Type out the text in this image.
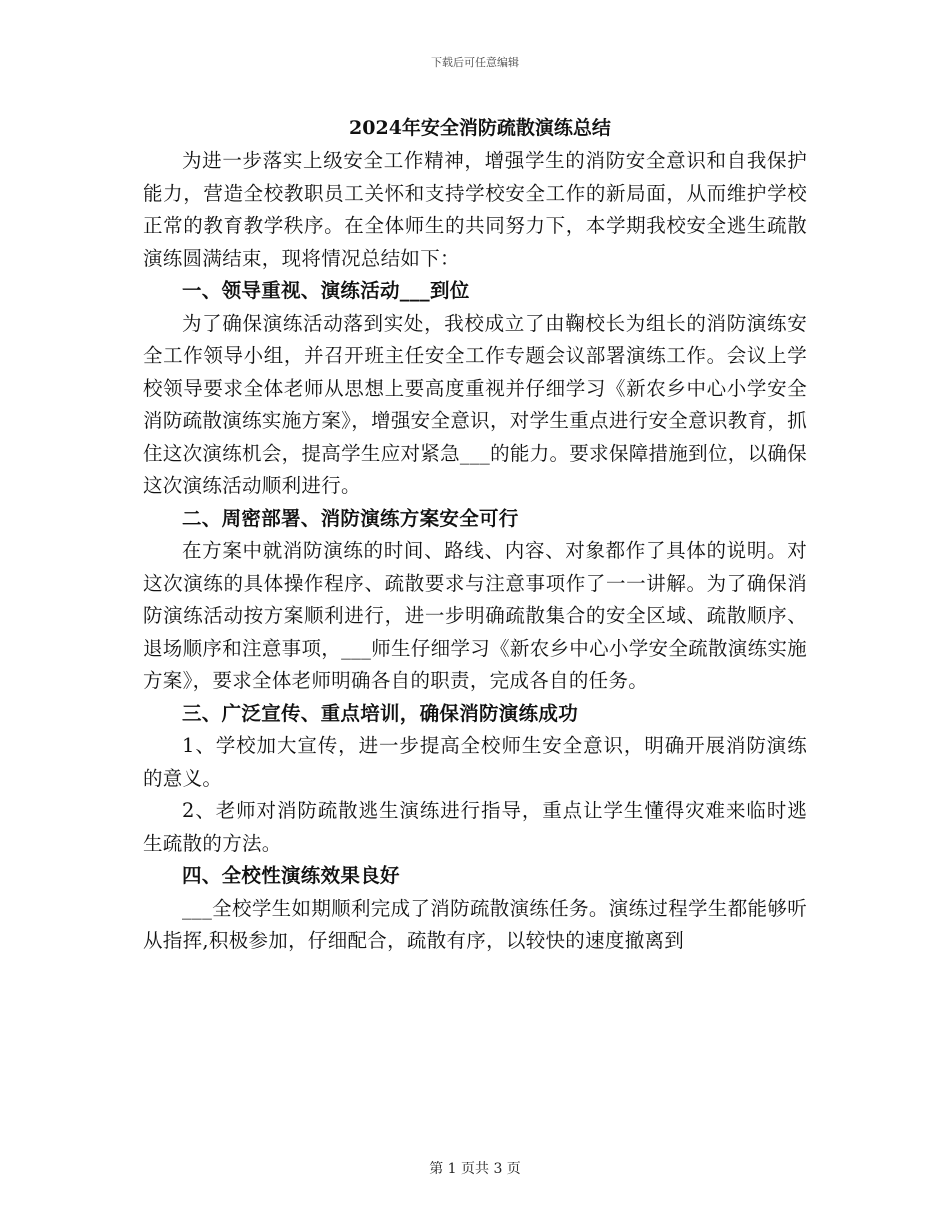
下载后可任意编辑
2024年安全消防疏散演练总结

为进一步落实上级安全工作精神，增强学生的消防安全意识和自我保护能力，营造全校教职员工关怀和支持学校安全工作的新局面，从而维护学校正常的教育教学秩序。在全体师生的共同努力下，本学期我校安全逃生疏散演练圆满结束，现将情况总结如下：

一、领导重视、演练活动___到位

为了确保演练活动落到实处，我校成立了由鞠校长为组长的消防演练安全工作领导小组，并召开班主任安全工作专题会议部署演练工作。会议上学校领导要求全体老师从思想上要高度重视并仔细学习《新农乡中心小学安全消防疏散演练实施方案》，增强安全意识，对学生重点进行安全意识教育，抓住这次演练机会，提高学生应对紧急___的能力。要求保障措施到位，以确保这次演练活动顺利进行。

二、周密部署、消防演练方案安全可行

在方案中就消防演练的时间、路线、内容、对象都作了具体的说明。对这次演练的具体操作程序、疏散要求与注意事项作了一一讲解。为了确保消防演练活动按方案顺利进行，进一步明确疏散集合的安全区域、疏散顺序、退场顺序和注意事项，___师生仔细学习《新农乡中心小学安全疏散演练实施方案》，要求全体老师明确各自的职责，完成各自的任务。

三、广泛宣传、重点培训，确保消防演练成功

1、学校加大宣传，进一步提高全校师生安全意识，明确开展消防演练的意义。

2、老师对消防疏散逃生演练进行指导，重点让学生懂得灾难来临时逃生疏散的方法。

四、全校性演练效果良好

___全校学生如期顺利完成了消防疏散演练任务。演练过程学生都能够听从指挥,积极参加，仔细配合，疏散有序，以较快的速度撤离到

第 1 页共 3 页
